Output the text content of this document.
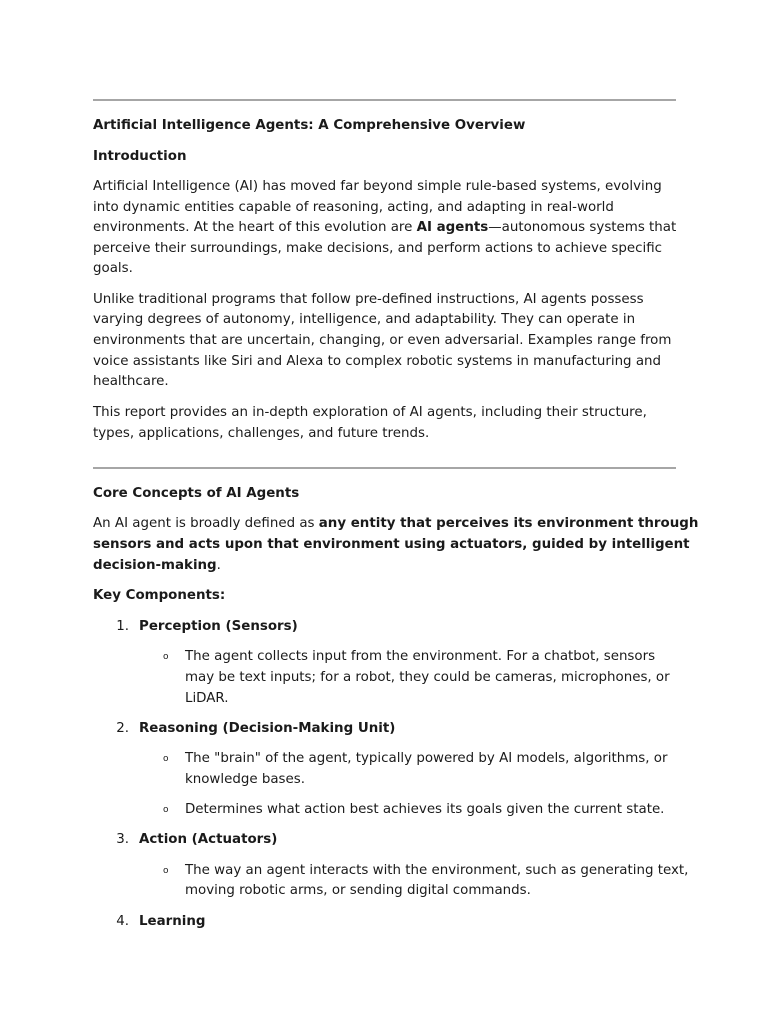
Artificial Intelligence Agents: A Comprehensive Overview

Introduction

Artificial Intelligence (AI) has moved far beyond simple rule-based systems, evolving

into dynamic entities capable of reasoning, acting, and adapting in real-world

environments. At the heart of this evolution are AI agents—autonomous systems that

perceive their surroundings, make decisions, and perform actions to achieve specific

goals.

Unlike traditional programs that follow pre-defined instructions, AI agents possess

varying degrees of autonomy, intelligence, and adaptability. They can operate in

environments that are uncertain, changing, or even adversarial. Examples range from

voice assistants like Siri and Alexa to complex robotic systems in manufacturing and

healthcare.

This report provides an in-depth exploration of AI agents, including their structure,

types, applications, challenges, and future trends.

Core Concepts of AI Agents

An AI agent is broadly defined as any entity that perceives its environment through

sensors and acts upon that environment using actuators, guided by intelligent

decision-making.

Key Components:

1. Perception (Sensors)
o The agent collects input from the environment. For a chatbot, sensors
may be text inputs; for a robot, they could be cameras, microphones, or
LiDAR.
2. Reasoning (Decision-Making Unit)
o The "brain" of the agent, typically powered by AI models, algorithms, or
knowledge bases.
o Determines what action best achieves its goals given the current state.
3. Action (Actuators)
o The way an agent interacts with the environment, such as generating text,
moving robotic arms, or sending digital commands.
4. Learning
